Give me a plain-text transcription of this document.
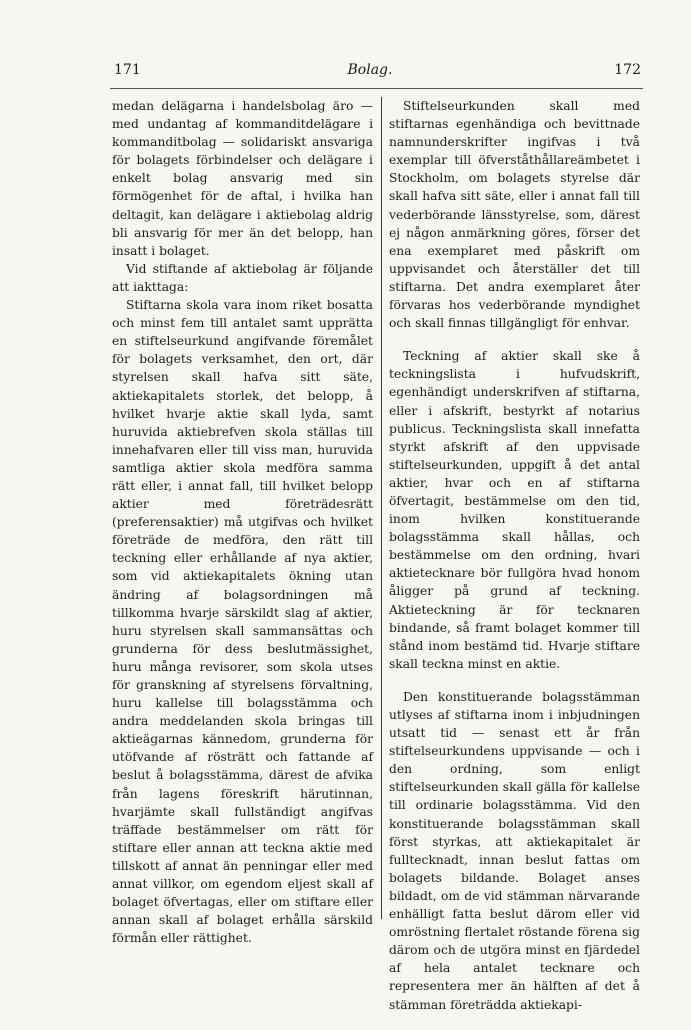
171	Bolag.	172

medan delägarna i handelsbolag äro — med undantag af kommanditdelägare i kommanditbolag — solidariskt ansvariga för bolagets förbindelser och delägare i enkelt bolag ansvarig med sin förmögenhet för de aftal, i hvilka han deltagit, kan delägare i aktiebolag aldrig bli ansvarig för mer än det belopp, han insatt i bolaget.

Vid stiftande af aktiebolag är följande att iakttaga:

Stiftarna skola vara inom riket bosatta och minst fem till antalet samt upprätta en stiftelseurkund angifvande föremålet för bolagets verksamhet, den ort, där styrelsen skall hafva sitt säte, aktiekapitalets storlek, det belopp, å hvilket hvarje aktie skall lyda, samt huruvida aktiebrefven skola ställas till innehafvaren eller till viss man, huruvida samtliga aktier skola medföra samma rätt eller, i annat fall, till hvilket belopp aktier med företrädesrätt (preferensaktier) må utgifvas och hvilket företräde de medföra, den rätt till teckning eller erhållande af nya aktier, som vid aktiekapitalets ökning utan ändring af bolagsordningen må tillkomma hvarje särskildt slag af aktier, huru styrelsen skall sammansättas och grunderna för dess beslutmässighet, huru många revisorer, som skola utses för granskning af styrelsens förvaltning, huru kallelse till bolagsstämma och andra meddelanden skola bringas till aktieägarnas kännedom, grunderna för utöfvande af rösträtt och fattande af beslut å bolagsstämma, därest de afvika från lagens föreskrift härutinnan, hvarjämte skall fullständigt angifvas träffade bestämmelser om rätt för stiftare eller annan att teckna aktie med tillskott af annat än penningar eller med annat villkor, om egendom eljest skall af bolaget öfvertagas, eller om stiftare eller annan skall af bolaget erhålla särskild förmån eller rättighet.

Stiftelseurkunden skall med stiftarnas egenhändiga och bevittnade namnunderskrifter ingifvas i två exemplar till öfverståthållareämbetet i Stockholm, om bolagets styrelse där skall hafva sitt säte, eller i annat fall till vederbörande länsstyrelse, som, därest ej någon anmärkning göres, förser det ena exemplaret med påskrift om uppvisandet och återställer det till stiftarna. Det andra exemplaret åter förvaras hos vederbörande myndighet och skall finnas tillgängligt för enhvar.

Teckning af aktier skall ske å teckningslista i hufvudskrift, egenhändigt underskrifven af stiftarna, eller i afskrift, bestyrkt af notarius publicus. Teckningslista skall innefatta styrkt afskrift af den uppvisade stiftelseurkunden, uppgift å det antal aktier, hvar och en af stiftarna öfvertagit, bestämmelse om den tid, inom hvilken konstituerande bolagsstämma skall hållas, och bestämmelse om den ordning, hvari aktietecknare bör fullgöra hvad honom åligger på grund af teckning. Aktieteckning är för tecknaren bindande, så framt bolaget kommer till stånd inom bestämd tid. Hvarje stiftare skall teckna minst en aktie.

Den konstituerande bolagsstämman utlyses af stiftarna inom i inbjudningen utsatt tid — senast ett år från stiftelseurkundens uppvisande — och i den ordning, som enligt stiftelseurkunden skall gälla för kallelse till ordinarie bolagsstämma. Vid den konstituerande bolagsstämman skall först styrkas, att aktiekapitalet är fulltecknadt, innan beslut fattas om bolagets bildande. Bolaget anses bildadt, om de vid stämman närvarande enhälligt fatta beslut därom eller vid omröstning flertalet röstande förena sig därom och de utgöra minst en fjärdedel af hela antalet tecknare och representera mer än hälften af det å stämman företrädda aktiekapi-
